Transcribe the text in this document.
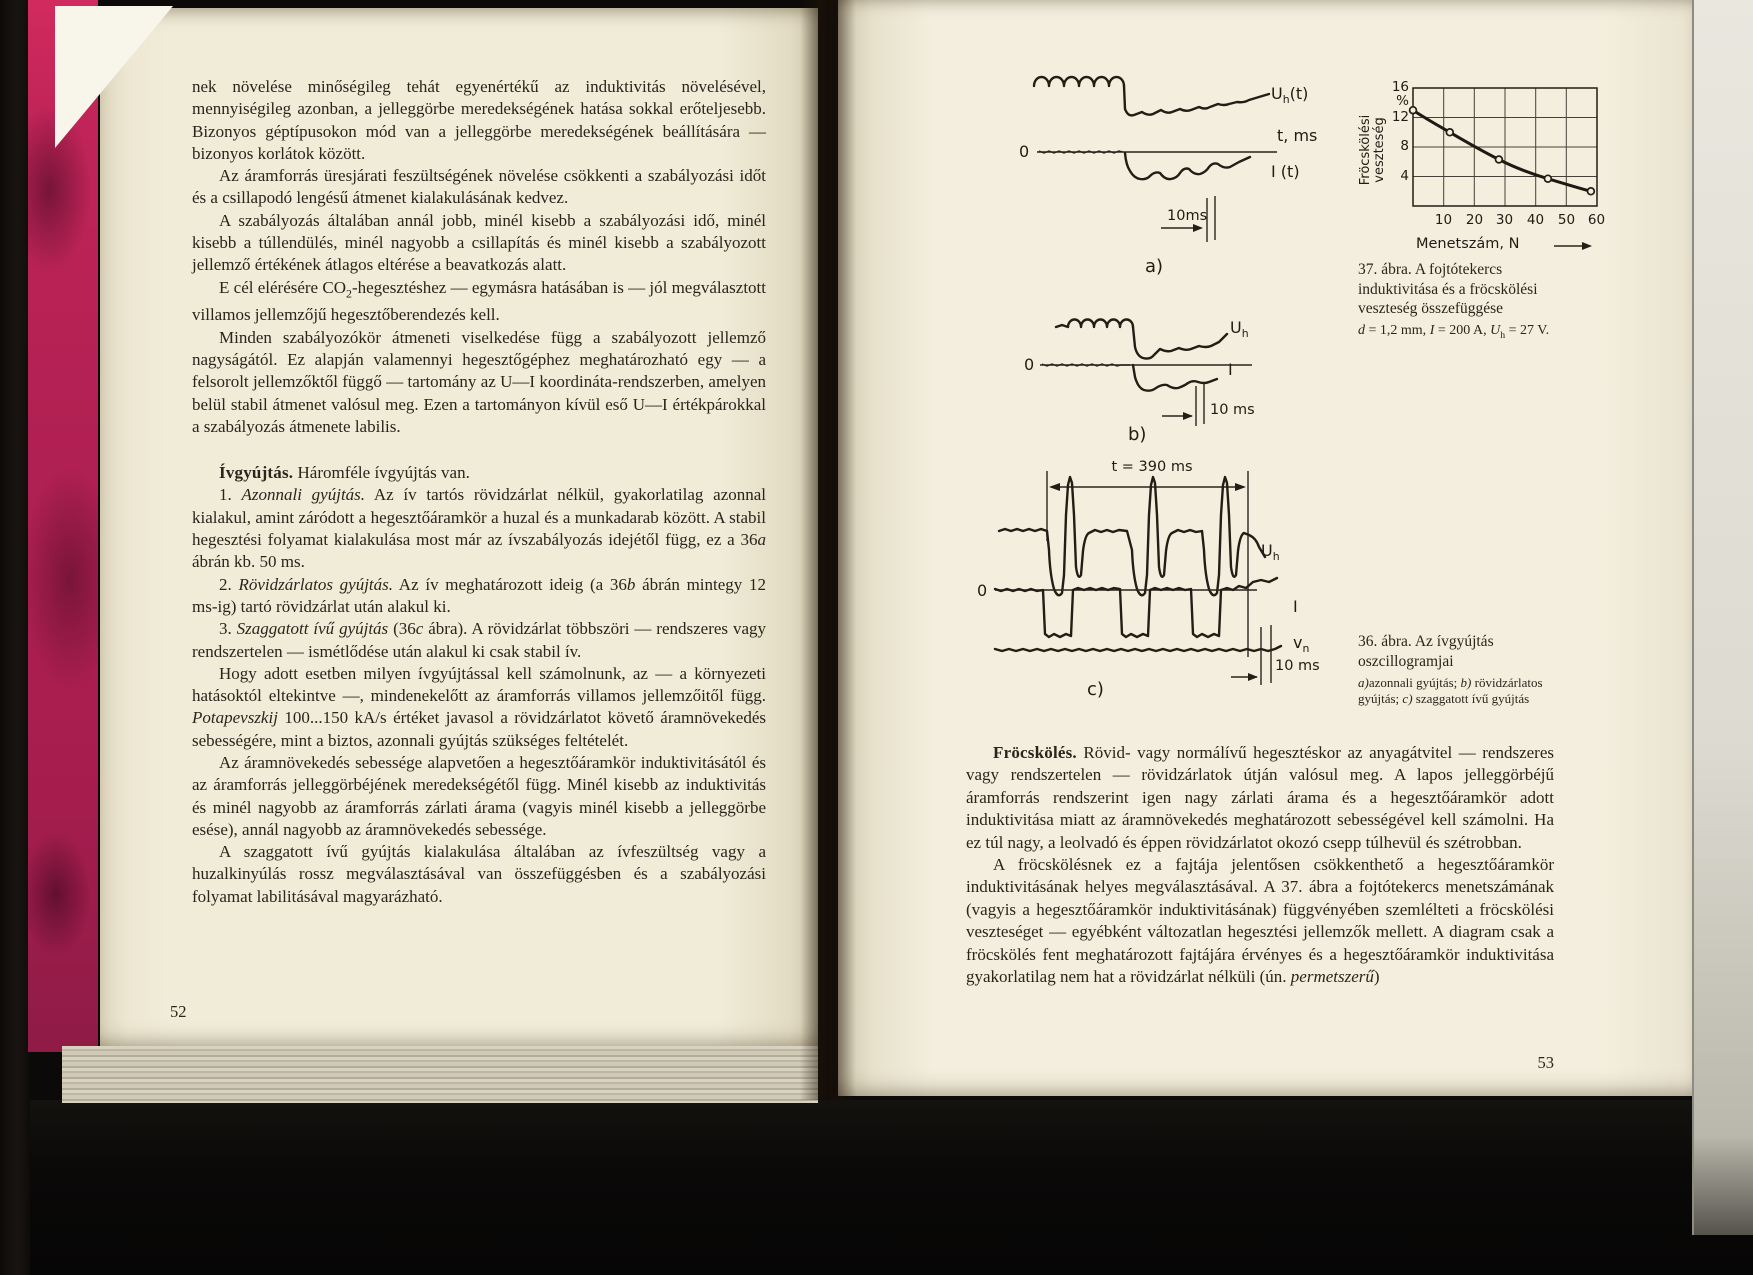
nek növelése minőségileg tehát egyenértékű az induktivitás növelésével, mennyiségileg azonban, a jelleggörbe meredekségének hatása sokkal erőteljesebb. Bizonyos géptípusokon mód van a jelleggörbe meredekségének beállítására — bizonyos korlátok között.
Az áramforrás üresjárati feszültségének növelése csökkenti a szabályozási időt és a csillapodó lengésű átmenet kialakulásának kedvez.
A szabályozás általában annál jobb, minél kisebb a szabályozási idő, minél kisebb a túllendülés, minél nagyobb a csillapítás és minél kisebb a szabályozott jellemző értékének átlagos eltérése a beavatkozás alatt.
E cél elérésére $CO_2$-hegesztéshez — egymásra hatásában is — jól megválasztott villamos jellemzőjű hegesztőberendezés kell.
Minden szabályozókör átmeneti viselkedése függ a szabályozott jellemző nagyságától. Ez alapján valamennyi hegesztőgéphez meghatározható egy — a felsorolt jellemzőktől függő — tartomány az U—I koordináta-rendszerben, amelyen belül stabil átmenet valósul meg. Ezen a tartományon kívül eső U—I értékpárokkal a szabályozás átmenete labilis.
Ívgyújtás. Háromféle ívgyújtás van.
1. Azonnali gyújtás. Az ív tartós rövidzárlat nélkül, gyakorlatilag azonnal kialakul, amint záródott a hegesztőáramkör a huzal és a munkadarab között. A stabil hegesztési folyamat kialakulása most már az ívszabályozás idejétől függ, ez a 36a ábrán kb. 50 ms.
2. Rövidzárlatos gyújtás. Az ív meghatározott ideig (a 36b ábrán mintegy 12 ms-ig) tartó rövidzárlat után alakul ki.
3. Szaggatott ívű gyújtás (36c ábra). A rövidzárlat többszöri — rendszeres vagy rendszertelen — ismétlődése után alakul ki csak stabil ív.
Hogy adott esetben milyen ívgyújtással kell számolnunk, az — a környezeti hatásoktól eltekintve —, mindenekelőtt az áramforrás villamos jellemzőitől függ. Potapevszkij 100...150 kA/s értéket javasol a rövidzárlatot követő áramnövekedés sebességére, mint a biztos, azonnali gyújtás szükséges feltételét.
Az áramnövekedés sebessége alapvetően a hegesztőáramkör induktivitásától és az áramforrás jelleggörbéjének meredekségétől függ. Minél kisebb az induktivitás és minél nagyobb az áramforrás zárlati árama (vagyis minél kisebb a jelleggörbe esése), annál nagyobb az áramnövekedés sebessége.
A szaggatott ívű gyújtás kialakulása általában az ívfeszültség vagy a huzalkinyúlás rossz megválasztásával van összefüggésben és a szabályozási folyamat labilitásával magyarázható.
52
$U_h(t)$
t, ms
0
I (t)
10ms
a)
$U_h$
0	I
10 ms
b)
t = 390 ms
$U_h$
0
I
$v_n$
10 ms
c)
Fröcskölési veszteség
16
%
12
8
4
10 20 30 40 50 60
Menetszám, N
37. ábra. A fojtótekercs
induktivitása és a fröcskölési
veszteség összefüggése
d = 1,2 mm, I = 200 A, $U_h = 27$ V.
36. ábra. Az ívgyújtás
oszcillogramjai
a)azonnali gyújtás; b) rövidzárlatos
gyújtás; c) szaggatott ívű gyújtás
Fröcskölés. Rövid- vagy normálívű hegesztéskor az anyagátvitel — rendszeres vagy rendszertelen — rövidzárlatok útján valósul meg. A lapos jelleggörbéjű áramforrás rendszerint igen nagy zárlati árama és a hegesztőáramkör adott induktivitása miatt az áramnövekedés meghatározott sebességével kell számolni. Ha ez túl nagy, a leolvadó és éppen rövidzárlatot okozó csepp túlhevül és szétrobban.
A fröcskölésnek ez a fajtája jelentősen csökkenthető a hegesztőáramkör induktivitásának helyes megválasztásával. A 37. ábra a fojtótekercs menetszámának (vagyis a hegesztőáramkör induktivitásának) függvényében szemlélteti a fröcskölési veszteséget — egyébként változatlan hegesztési jellemzők mellett. A diagram csak a fröcskölés fent meghatározott fajtájára érvényes és a hegesztőáramkör induktivitása gyakorlatilag nem hat a rövidzárlat nélküli (ún. permetszerű)
53
